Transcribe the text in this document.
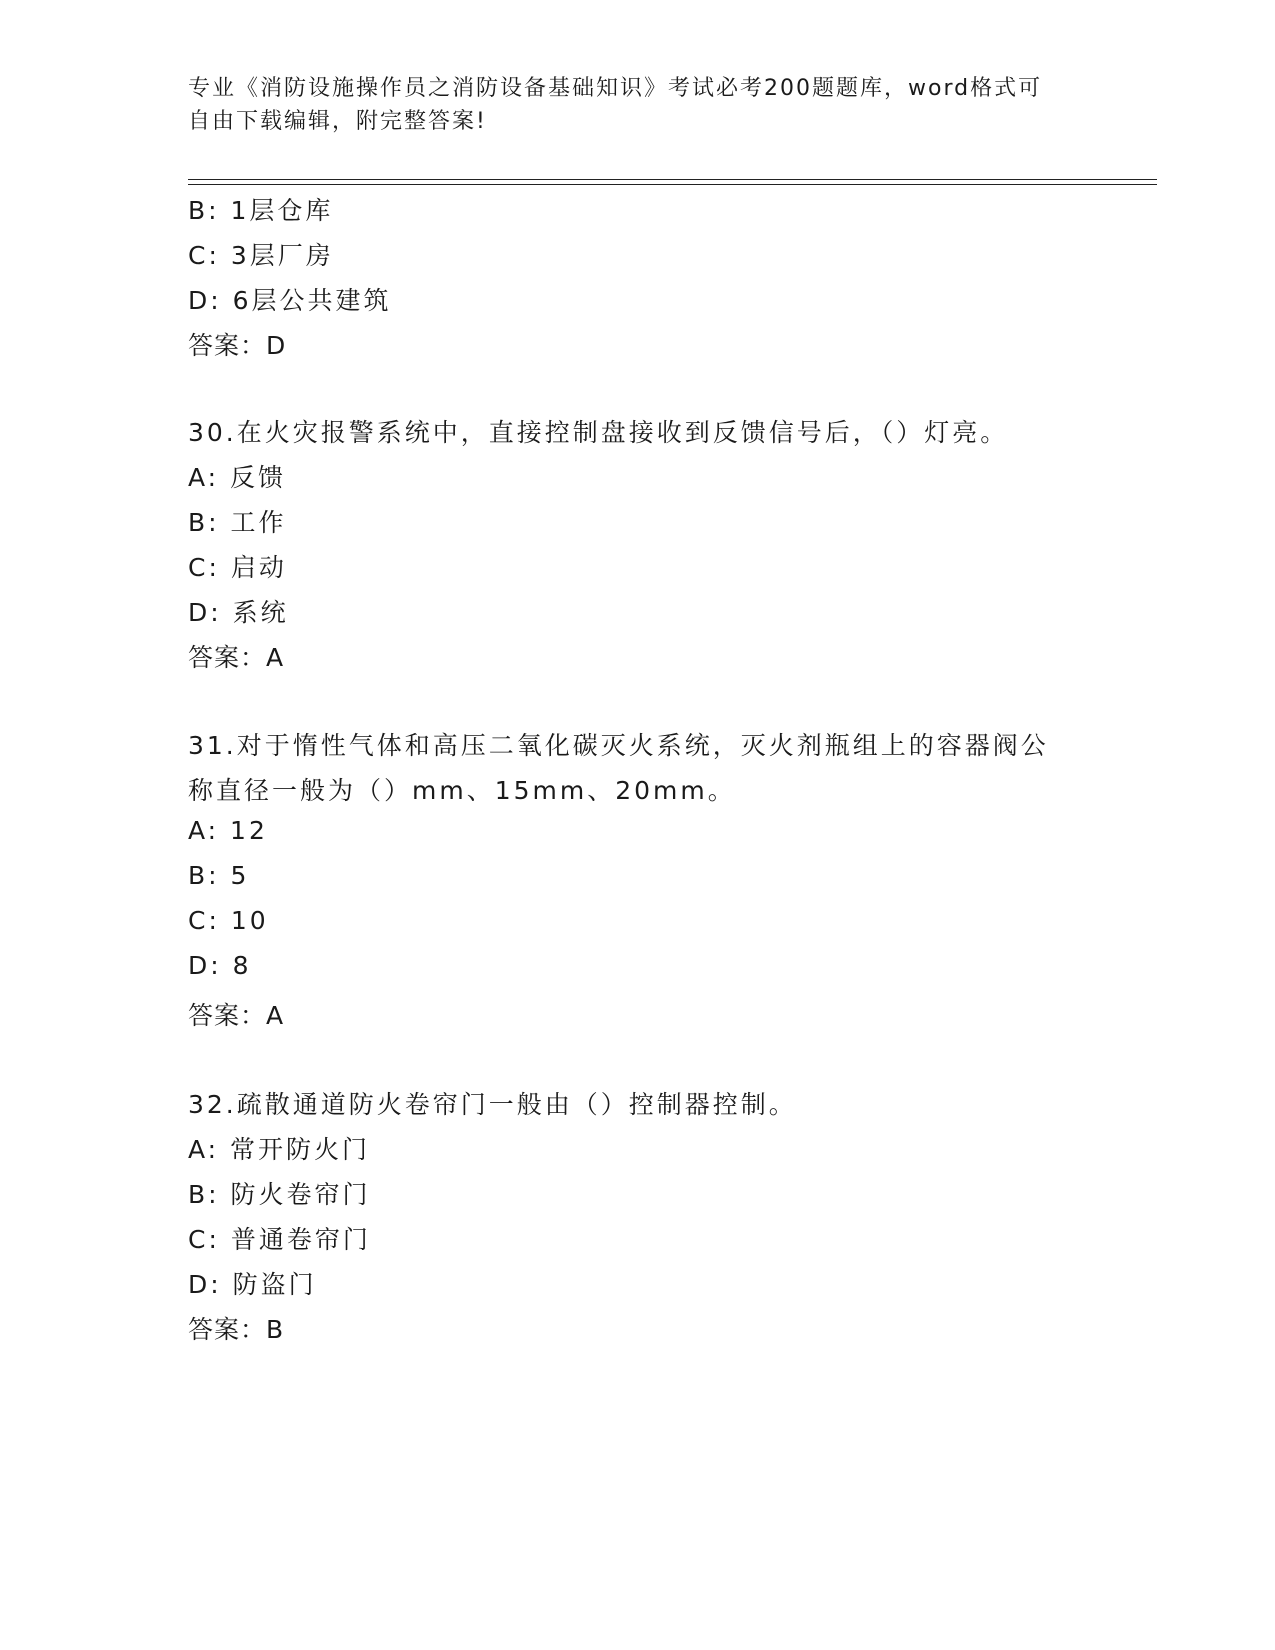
专业《消防设施操作员之消防设备基础知识》考试必考200题题库，word格式可
自由下载编辑，附完整答案!
B: 1层仓库
C: 3层厂房
D: 6层公共建筑
答案：D
30.在火灾报警系统中，直接控制盘接收到反馈信号后，（）灯亮。
A: 反馈
B: 工作
C: 启动
D: 系统
答案：A
31.对于惰性气体和高压二氧化碳灭火系统，灭火剂瓶组上的容器阀公
称直径一般为（）mm、15mm、20mm。
A: 12
B: 5
C: 10
D: 8
答案：A
32.疏散通道防火卷帘门一般由（）控制器控制。
A: 常开防火门
B: 防火卷帘门
C: 普通卷帘门
D: 防盗门
答案：B
